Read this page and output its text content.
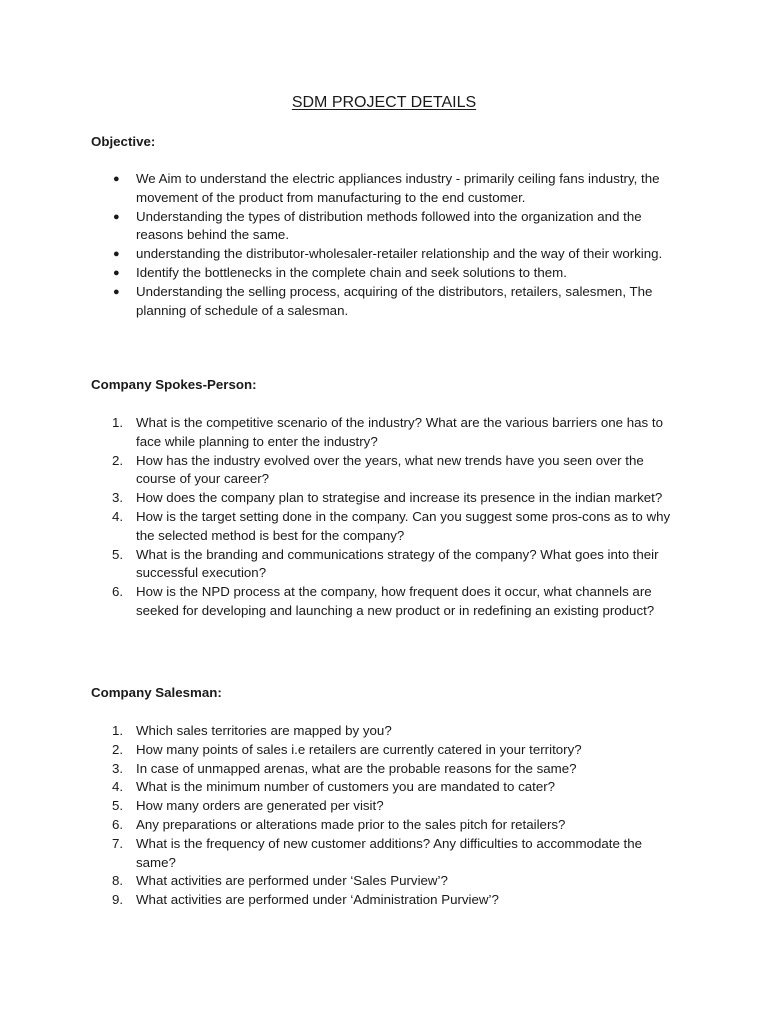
SDM PROJECT DETAILS
Objective:
●	We Aim to understand the electric appliances industry - primarily ceiling fans industry, the movement of the product from manufacturing to the end customer.
●	Understanding the types of distribution methods followed into the organization and the reasons behind the same.
●	understanding the distributor-wholesaler-retailer relationship and the way of their working.
●	Identify the bottlenecks in the complete chain and seek solutions to them.
●	Understanding the selling process, acquiring of the distributors, retailers, salesmen, The planning of schedule of a salesman.
Company Spokes-Person:
1. What is the competitive scenario of the industry? What are the various barriers one has to face while planning to enter the industry?
2. How has the industry evolved over the years, what new trends have you seen over the course of your career?
3. How does the company plan to strategise and increase its presence in the indian market?
4. How is the target setting done in the company. Can you suggest some pros-cons as to why the selected method is best for the company?
5. What is the branding and communications strategy of the company? What goes into their successful execution?
6. How is the NPD process at the company, how frequent does it occur, what channels are seeked for developing and launching a new product or in redefining an existing product?
Company Salesman:
1. Which sales territories are mapped by you?
2. How many points of sales i.e retailers are currently catered in your territory?
3. In case of unmapped arenas, what are the probable reasons for the same?
4. What is the minimum number of customers you are mandated to cater?
5. How many orders are generated per visit?
6. Any preparations or alterations made prior to the sales pitch for retailers?
7. What is the frequency of new customer additions? Any difficulties to accommodate the same?
8. What activities are performed under ‘Sales Purview’?
9. What activities are performed under ‘Administration Purview’?
